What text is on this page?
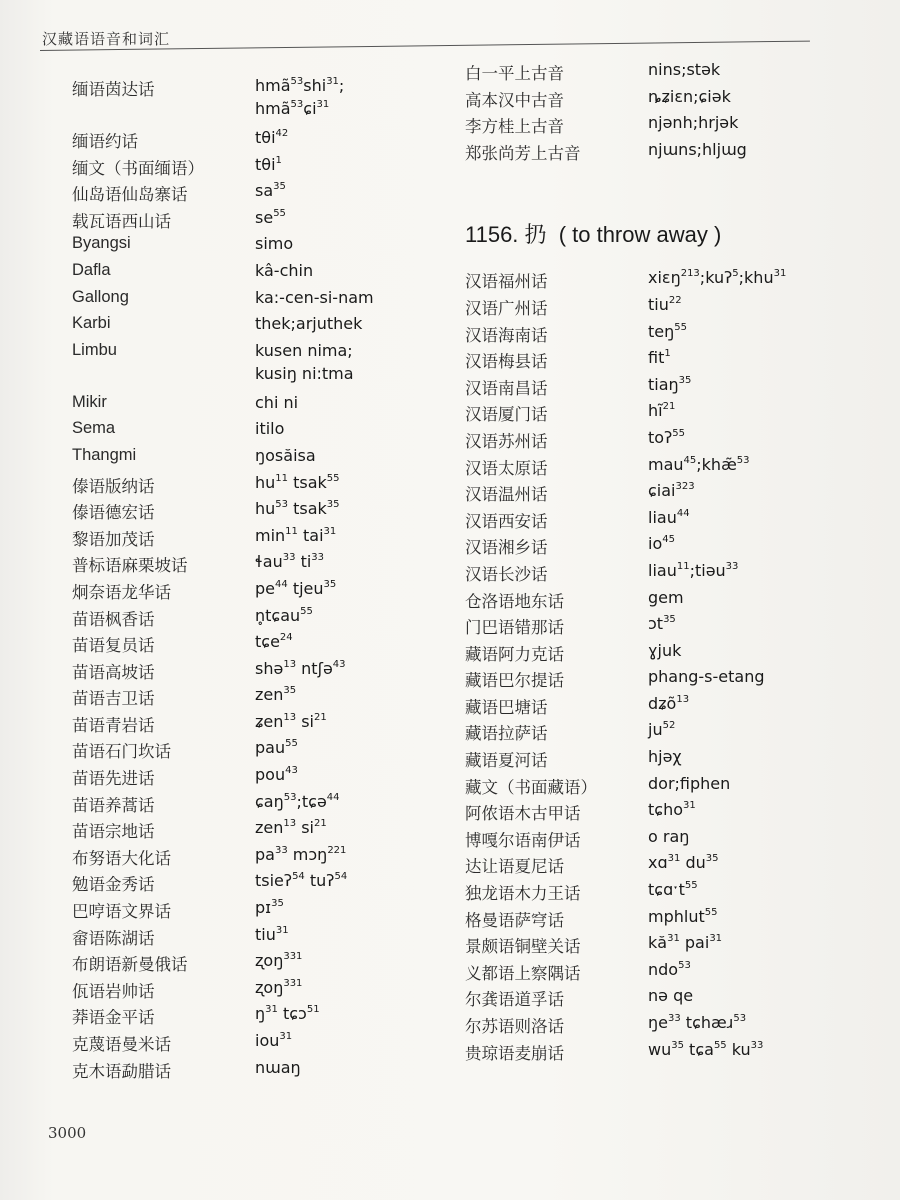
汉藏语语音和词汇
缅语茵达话	hmã$^{53}$shi$^{31}$;
hmã$^{53}$ɕi$^{31}$
缅语约话	tθi$^{42}$
缅文（书面缅语）	tθi$^1$
仙岛语仙岛寨话	$sa^{35}$
载瓦语西山话	$se^{55}$
Byangsi	simo
Dafla	kâ-chin
Gallong	ka:-cen-si-nam
Karbi	thek;arjuthek
Limbu	kusen nima;
kusiŋ ni:tma
Mikir	chi ni
Sema	itilo
Thangmi	ŋosăisa
傣语版纳话	$hu^{11}$ tsak$^{55}$
傣语德宏话	$hu^{53}$ tsak$^{35}$
黎语加茂话	$\min^{11} tai^{31}$
普标语麻栗坡话	ɬau$^{33}$ $ti^{33}$
炯奈语龙华话	$pe^{44}$ tjeu$^{35}$
苗语枫香话	n̥tɕau$^{55}$
苗语复员话	tɕe$^{24}$
苗语高坡话	shə$^{13}$ ntʃə$^{43}$
苗语吉卫话	zen$^{35}$
苗语青岩话	ʑen$^{13}$ $si^{21}$
苗语石门坎话	pau$^{55}$
苗语先进话	pou$^{43}$
苗语养蒿话	ɕaŋ$^{53}$;tɕə$^{44}$
苗语宗地话	zen$^{13}$ $si^{21}$
布努语大化话	$pa^{33}$ mɔŋ$^{221}$
勉语金秀话	tsieʔ$^{54}$ tuʔ$^{54}$
巴哼语文界话	pɪ$^{35}$
畲语陈湖话	tiu$^{31}$
布朗语新曼俄话	ʐoŋ$^{331}$
佤语岩帅话	ʐoŋ$^{331}$
莽语金平话	$ŋ^{31}$ tɕɔ$^{51}$
克蔑语曼米话	iou$^{31}$
克木语勐腊话	nɯaŋ
白一平上古音	nins;stək
高本汉中古音	ȵʑiɛn;ɕiək
李方桂上古音	njənh;hrjək
郑张尚芳上古音	njɯns;hljɯg
1156. 扔 ( to throw away )
汉语福州话	xiɛŋ$^{213}$;kuʔ$^5$;khu$^{31}$
汉语广州话	tiu$^{22}$
汉语海南话	teŋ$^{55}$
汉语梅县话	fit$^1$
汉语南昌话	tiaŋ$^{35}$
汉语厦门话	$hĩ^{21}$
汉语苏州话	toʔ$^{55}$
汉语太原话	mau$^{45}$;khæ̃$^{53}$
汉语温州话	ɕiai$^{323}$
汉语西安话	liau$^{44}$
汉语湘乡话	$io^{45}$
汉语长沙话	liau$^{11}$;tiəu$^{33}$
仓洛语地东话	gem
门巴语错那话	ɔt$^{35}$
藏语阿力克话	ɣjuk
藏语巴尔提话	phang-s-etang
藏语巴塘话	dʑõ$^{13}$
藏语拉萨话	$ju^{52}$
藏语夏河话	hjəχ
藏文（书面藏语）	dor;fiphen
阿侬语木古甲话	tɕho$^{31}$
博嘎尔语南伊话	o raŋ
达让语夏尼话	xɑ$^{31}$ $du^{35}$
独龙语木力王话	tɕɑˑt$^{55}$
格曼语萨穹话	mphlut$^{55}$
景颇语铜壁关话	$kă^{31}$ pai$^{31}$
义都语上察隅话	ndo$^{53}$
尔龚语道孚话	nə qe
尔苏语则洛话	$ŋe^{33}$ tɕhæɹ$^{53}$
贵琼语麦崩话	$wu^{35}$ tɕa$^{55}$ $ku^{33}$
3000
